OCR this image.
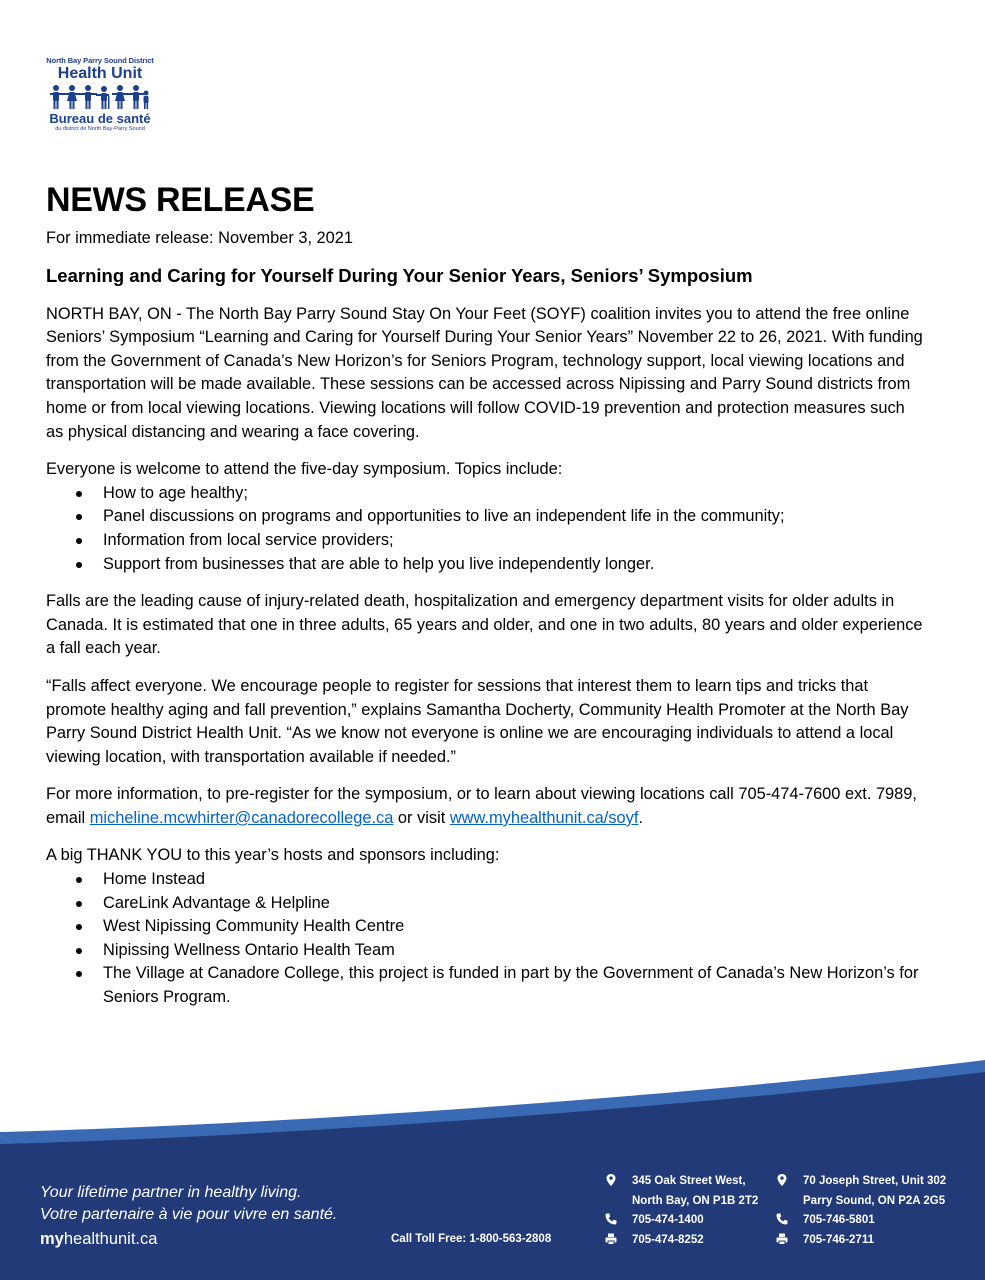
North Bay Parry Sound District
Health Unit
Bureau de santé
du district de North Bay-Parry Sound
NEWS RELEASE
For immediate release: November 3, 2021
Learning and Caring for Yourself During Your Senior Years, Seniors’ Symposium

NORTH BAY, ON - The North Bay Parry Sound Stay On Your Feet (SOYF) coalition invites you to attend the free online Seniors’ Symposium “Learning and Caring for Yourself During Your Senior Years” November 22 to 26, 2021. With funding from the Government of Canada’s New Horizon’s for Seniors Program, technology support, local viewing locations and transportation will be made available. These sessions can be accessed across Nipissing and Parry Sound districts from home or from local viewing locations. Viewing locations will follow COVID-19 prevention and protection measures such as physical distancing and wearing a face covering.

Everyone is welcome to attend the five-day symposium. Topics include:

How to age healthy;
Panel discussions on programs and opportunities to live an independent life in the community;
Information from local service providers;
Support from businesses that are able to help you live independently longer.

Falls are the leading cause of injury-related death, hospitalization and emergency department visits for older adults in Canada. It is estimated that one in three adults, 65 years and older, and one in two adults, 80 years and older experience a fall each year.

“Falls affect everyone. We encourage people to register for sessions that interest them to learn tips and tricks that promote healthy aging and fall prevention,” explains Samantha Docherty, Community Health Promoter at the North Bay Parry Sound District Health Unit. “As we know not everyone is online we are encouraging individuals to attend a local viewing location, with transportation available if needed.”

For more information, to pre-register for the symposium, or to learn about viewing locations call 705-474-7600 ext. 7989, email micheline.mcwhirter@canadorecollege.ca or visit www.myhealthunit.ca/soyf.

A big THANK YOU to this year’s hosts and sponsors including:

Home Instead
CareLink Advantage & Helpline
West Nipissing Community Health Centre
Nipissing Wellness Ontario Health Team
The Village at Canadore College, this project is funded in part by the Government of Canada’s New Horizon’s for Seniors Program.
Your lifetime partner in healthy living.
Votre partenaire à vie pour vivre en santé.
myhealthunit.ca	Call Toll Free: 1-800-563-2808
345 Oak Street West,
North Bay, ON P1B 2T2
705-474-1400
705-474-8252
70 Joseph Street, Unit 302
Parry Sound, ON P2A 2G5
705-746-5801
705-746-2711
